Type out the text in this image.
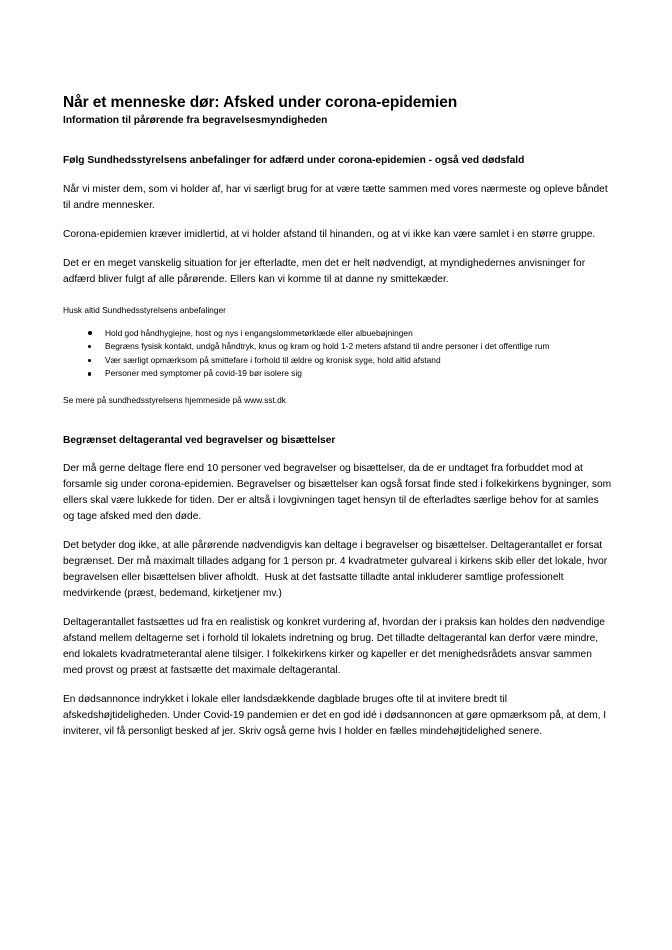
Når et menneske dør: Afsked under corona-epidemien
Information til pårørende fra begravelsesmyndigheden
Følg Sundhedsstyrelsens anbefalinger for adfærd under corona-epidemien - også ved dødsfald

Når vi mister dem, som vi holder af, har vi særligt brug for at være tætte sammen med vores nærmeste og opleve båndet til andre mennesker.

Corona-epidemien kræver imidlertid, at vi holder afstand til hinanden, og at vi ikke kan være samlet i en større gruppe.

Det er en meget vanskelig situation for jer efterladte, men det er helt nødvendigt, at myndighedernes anvisninger for adfærd bliver fulgt af alle pårørende. Ellers kan vi komme til at danne ny smittekæder.

Husk altid Sundhedsstyrelsens anbefalinger

Hold god håndhygiejne, host og nys i engangslommetørklæde eller albuebøjningen
Begræns fysisk kontakt, undgå håndtryk, knus og kram og hold 1-2 meters afstand til andre personer i det offentlige rum
Vær særligt opmærksom på smittefare i forhold til ældre og kronisk syge, hold altid afstand
Personer med symptomer på covid-19 bør isolere sig

Se mere på sundhedsstyrelsens hjemmeside på www.sst.dk

Begrænset deltagerantal ved begravelser og bisættelser

Der må gerne deltage flere end 10 personer ved begravelser og bisættelser, da de er undtaget fra forbuddet mod at forsamle sig under corona-epidemien. Begravelser og bisættelser kan også forsat finde sted i folkekirkens bygninger, som ellers skal være lukkede for tiden. Der er altså i lovgivningen taget hensyn til de efterladtes særlige behov for at samles og tage afsked med den døde.

Det betyder dog ikke, at alle pårørende nødvendigvis kan deltage i begravelser og bisættelser. Deltagerantallet er forsat begrænset. Der må maximalt tillades adgang for 1 person pr. 4 kvadratmeter gulvareal i kirkens skib eller det lokale, hvor begravelsen eller bisættelsen bliver afholdt.  Husk at det fastsatte tilladte antal inkluderer samtlige professionelt medvirkende (præst, bedemand, kirketjener mv.)

Deltagerantallet fastsættes ud fra en realistisk og konkret vurdering af, hvordan der i praksis kan holdes den nødvendige afstand mellem deltagerne set i forhold til lokalets indretning og brug. Det tilladte deltagerantal kan derfor være mindre, end lokalets kvadratmeterantal alene tilsiger. I folkekirkens kirker og kapeller er det menighedsrådets ansvar sammen med provst og præst at fastsætte det maximale deltagerantal.

En dødsannonce indrykket i lokale eller landsdækkende dagblade bruges ofte til at invitere bredt til afskedshøjtideligheden. Under Covid-19 pandemien er det en god idé i dødsannoncen at gøre opmærksom på, at dem, I inviterer, vil få personligt besked af jer. Skriv også gerne hvis I holder en fælles mindehøjtidelighed senere.
